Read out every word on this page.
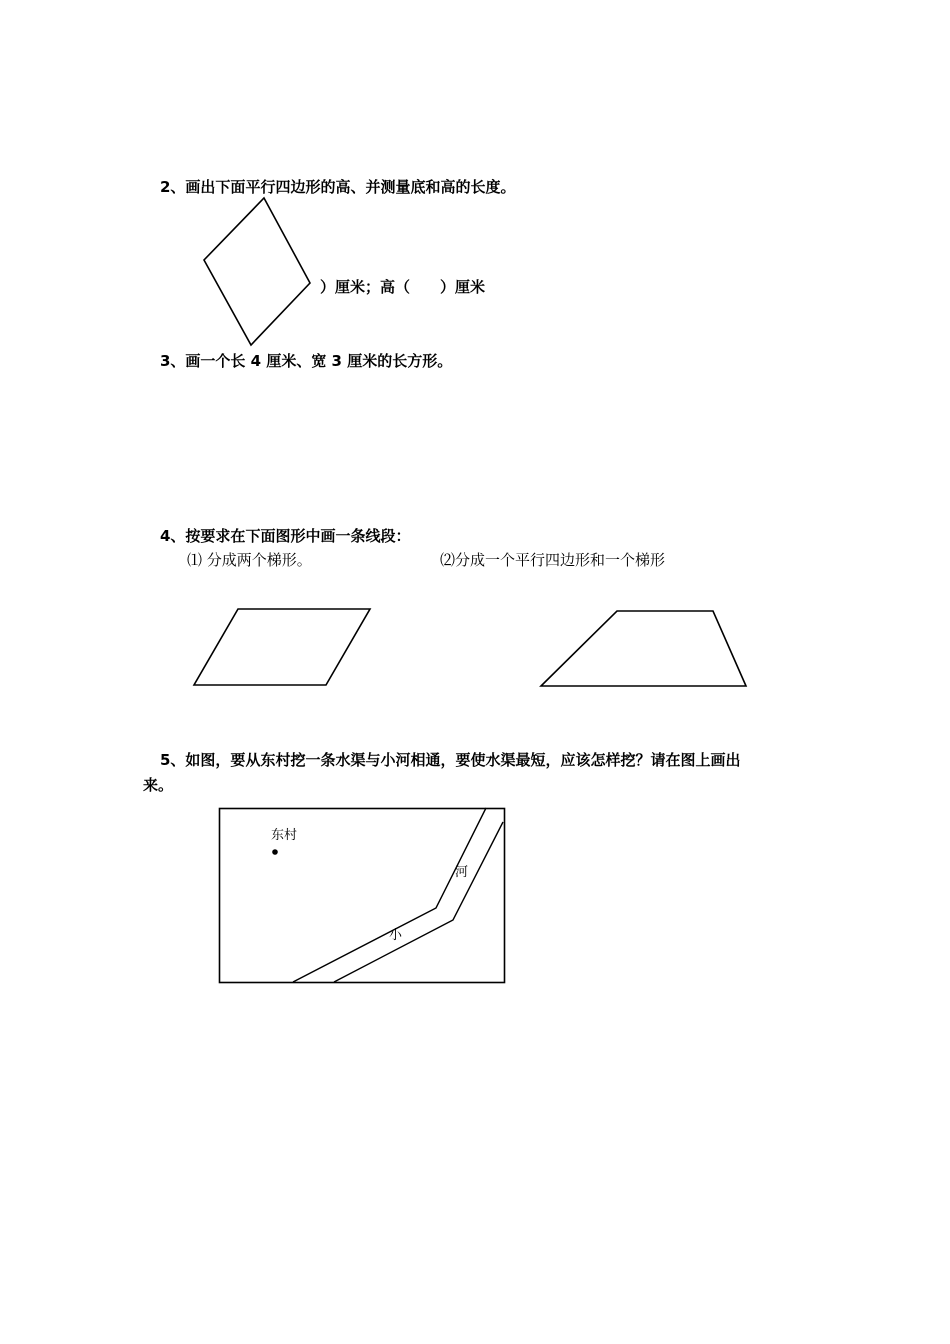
2、画出下面平行四边形的高、并测量底和高的长度。
）厘米；高（　　）厘米
3、画一个长 4 厘米、宽 3 厘米的长方形。
4、按要求在下面图形中画一条线段：
⑴ 分成两个梯形。	⑵分成一个平行四边形和一个梯形
5、如图，要从东村挖一条水渠与小河相通，要使水渠最短，应该怎样挖？请在图上画出
来。
东村
河
小
